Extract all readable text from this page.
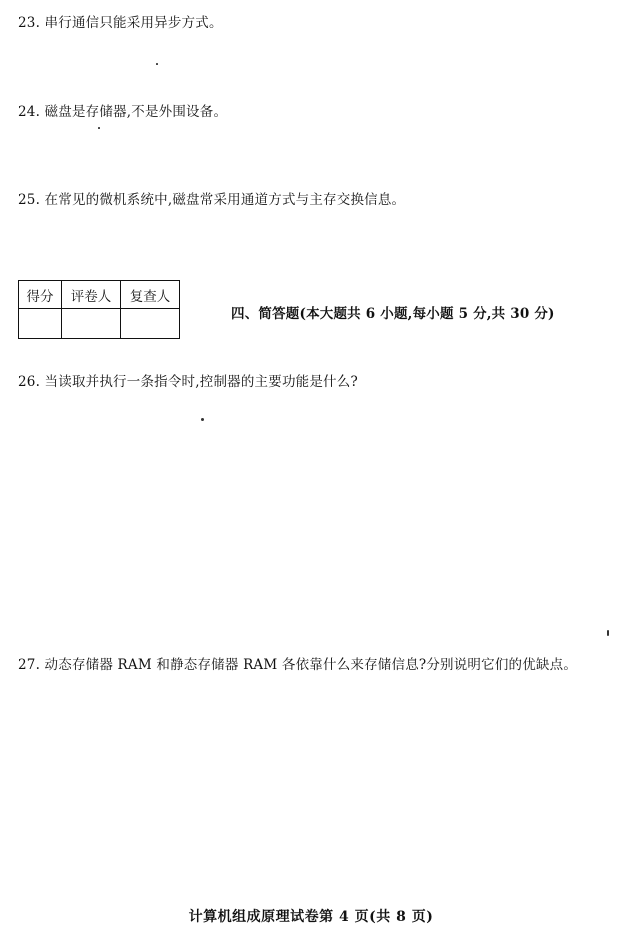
23. 串行通信只能采用异步方式。
24. 磁盘是存储器,不是外围设备。
25. 在常见的微机系统中,磁盘常采用通道方式与主存交换信息。
得分	评卷人	复查人

四、简答题(本大题共 6 小题,每小题 5 分,共 30 分)
26. 当读取并执行一条指令时,控制器的主要功能是什么?
27. 动态存储器 RAM 和静态存储器 RAM 各依靠什么来存储信息?分别说明它们的优缺点。
计算机组成原理试卷第 4 页(共 8 页)
